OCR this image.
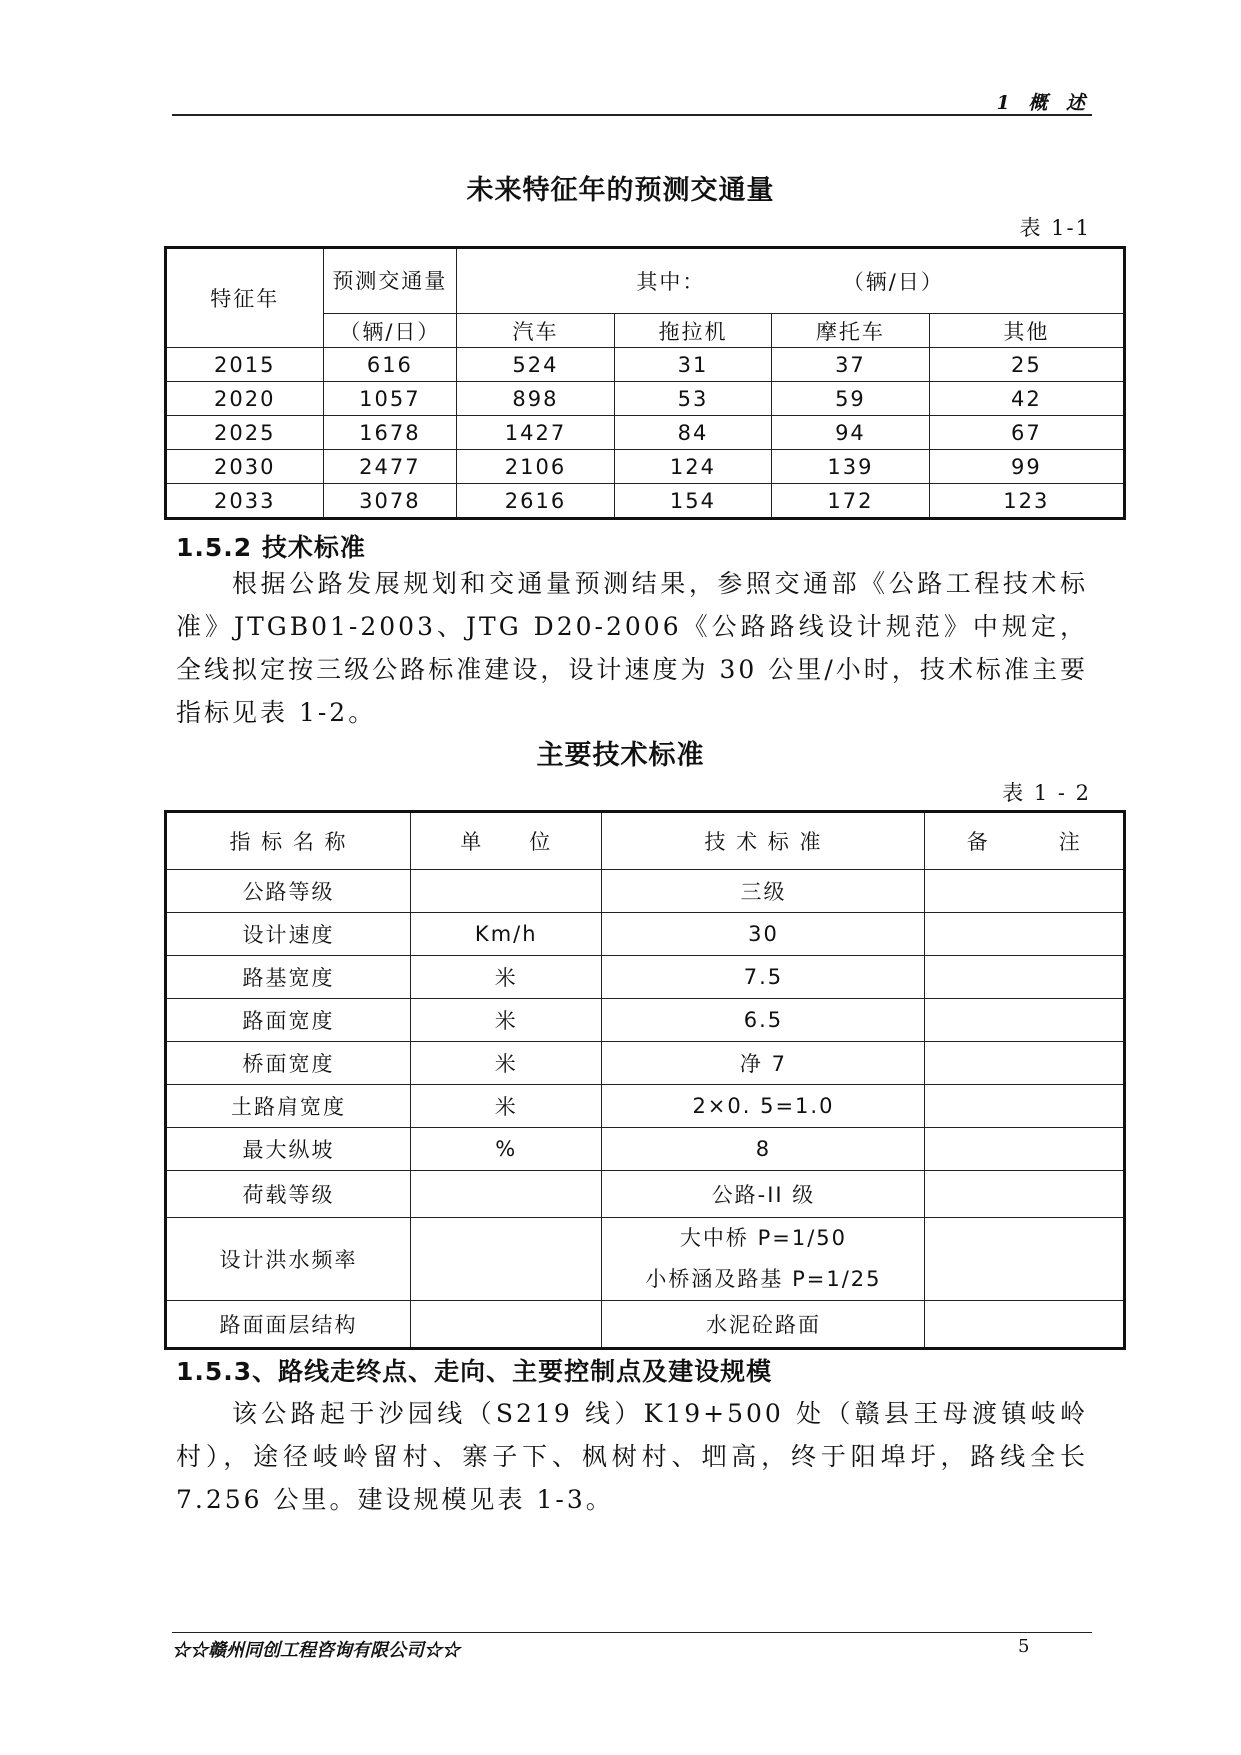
1 概 述
未来特征年的预测交通量
表 1-1
特征年	预测交通量	其中： （辆/日）			
	（辆/日）	汽车	拖拉机	摩托车	其他
2015	616	524	31	37	25
2020	1057	898	53	59	42
2025	1678	1427	84	94	67
2030	2477	2106	124	139	99
2033	3078	2616	154	172	123
1.5.2 技术标准
根据公路发展规划和交通量预测结果，参照交通部《公路工程技术标准》JTGB01-2003、JTG D20-2006《公路路线设计规范》中规定，全线拟定按三级公路标准建设，设计速度为 30 公里/小时，技术标准主要指标见表 1-2。
主要技术标准
表 1 - 2
指 标 名 称	单　　位	技 术 标 准	备　　　注
公路等级		三级	
设计速度	Km/h	30	
路基宽度	米	7.5	
路面宽度	米	6.5	
桥面宽度	米	净 7	
土路肩宽度	米	2×0. 5=1.0	
最大纵坡	%	8	
荷载等级		公路-II 级	
设计洪水频率		大中桥 P=1/50
小桥涵及路基 P=1/25	

路面面层结构		水泥砼路面	
1.5.3、路线走终点、走向、主要控制点及建设规模
该公路起于沙园线（S219 线）K19+500 处（赣县王母渡镇岐岭村），途径岐岭留村、寨子下、枫树村、垇高，终于阳埠圩，路线全长 7.256 公里。建设规模见表 1-3。
☆☆赣州同创工程咨询有限公司☆☆	5
